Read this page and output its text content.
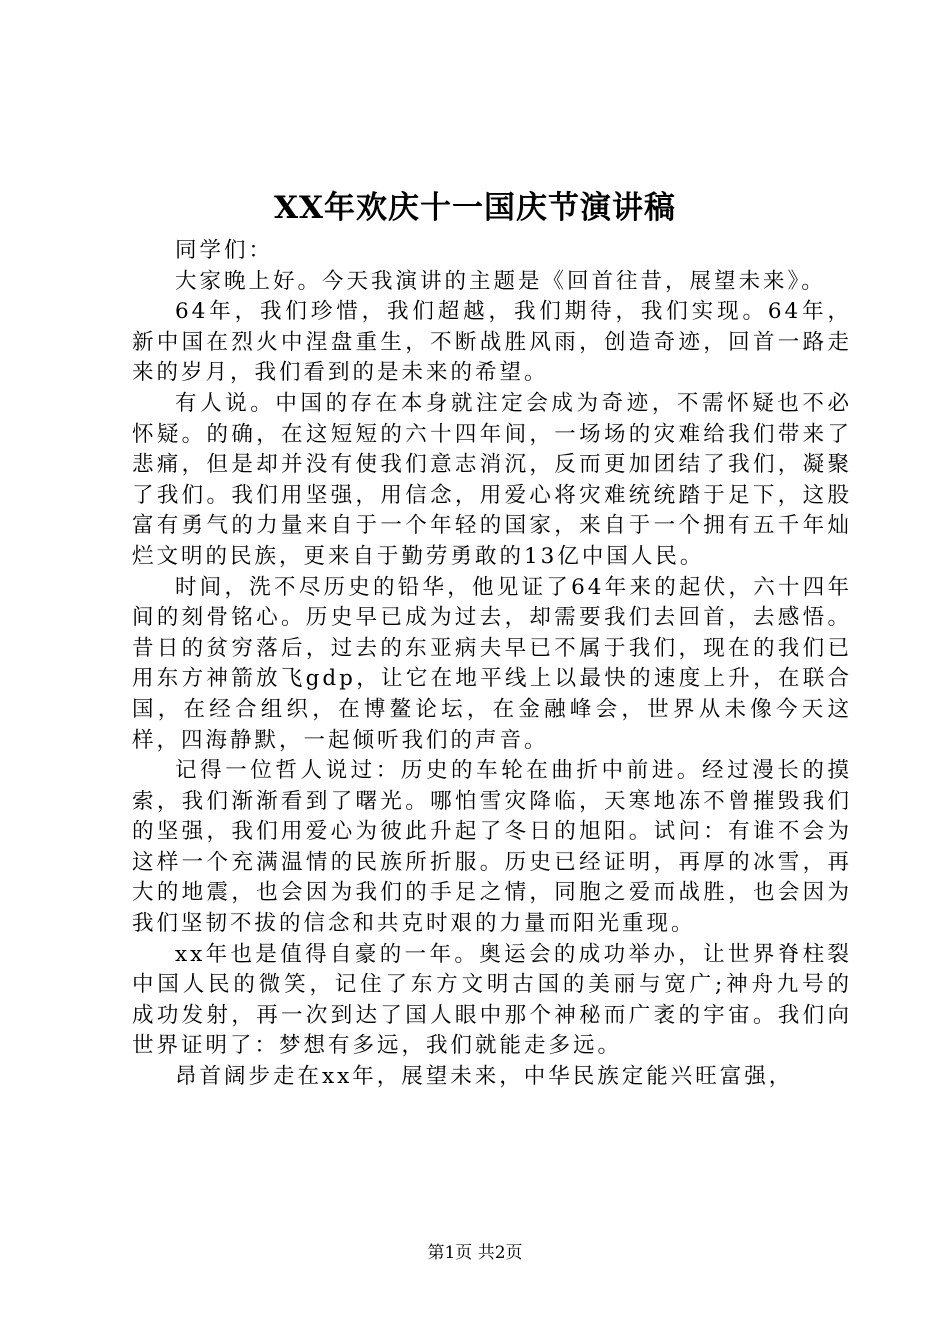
XX年欢庆十一国庆节演讲稿

同学们：

大家晚上好。今天我演讲的主题是《回首往昔，展望未来》。

64年，我们珍惜，我们超越，我们期待，我们实现。64年，新中国在烈火中涅盘重生，不断战胜风雨，创造奇迹，回首一路走来的岁月，我们看到的是未来的希望。

有人说。中国的存在本身就注定会成为奇迹，不需怀疑也不必怀疑。的确，在这短短的六十四年间，一场场的灾难给我们带来了悲痛，但是却并没有使我们意志消沉，反而更加团结了我们，凝聚了我们。我们用坚强，用信念，用爱心将灾难统统踏于足下，这股富有勇气的力量来自于一个年轻的国家，来自于一个拥有五千年灿烂文明的民族，更来自于勤劳勇敢的13亿中国人民。

时间，洗不尽历史的铅华，他见证了64年来的起伏，六十四年间的刻骨铭心。历史早已成为过去，却需要我们去回首，去感悟。昔日的贫穷落后，过去的东亚病夫早已不属于我们，现在的我们已用东方神箭放飞gdp，让它在地平线上以最快的速度上升，在联合国，在经合组织，在博鳌论坛，在金融峰会，世界从未像今天这样，四海静默，一起倾听我们的声音。

记得一位哲人说过：历史的车轮在曲折中前进。经过漫长的摸索，我们渐渐看到了曙光。哪怕雪灾降临，天寒地冻不曾摧毁我们的坚强，我们用爱心为彼此升起了冬日的旭阳。试问：有谁不会为这样一个充满温情的民族所折服。历史已经证明，再厚的冰雪，再大的地震，也会因为我们的手足之情，同胞之爱而战胜，也会因为我们坚韧不拔的信念和共克时艰的力量而阳光重现。

xx年也是值得自豪的一年。奥运会的成功举办，让世界脊柱裂中国人民的微笑，记住了东方文明古国的美丽与宽广;神舟九号的成功发射，再一次到达了国人眼中那个神秘而广袤的宇宙。我们向世界证明了：梦想有多远，我们就能走多远。

昂首阔步走在xx年，展望未来，中华民族定能兴旺富强，

第1页 共2页
